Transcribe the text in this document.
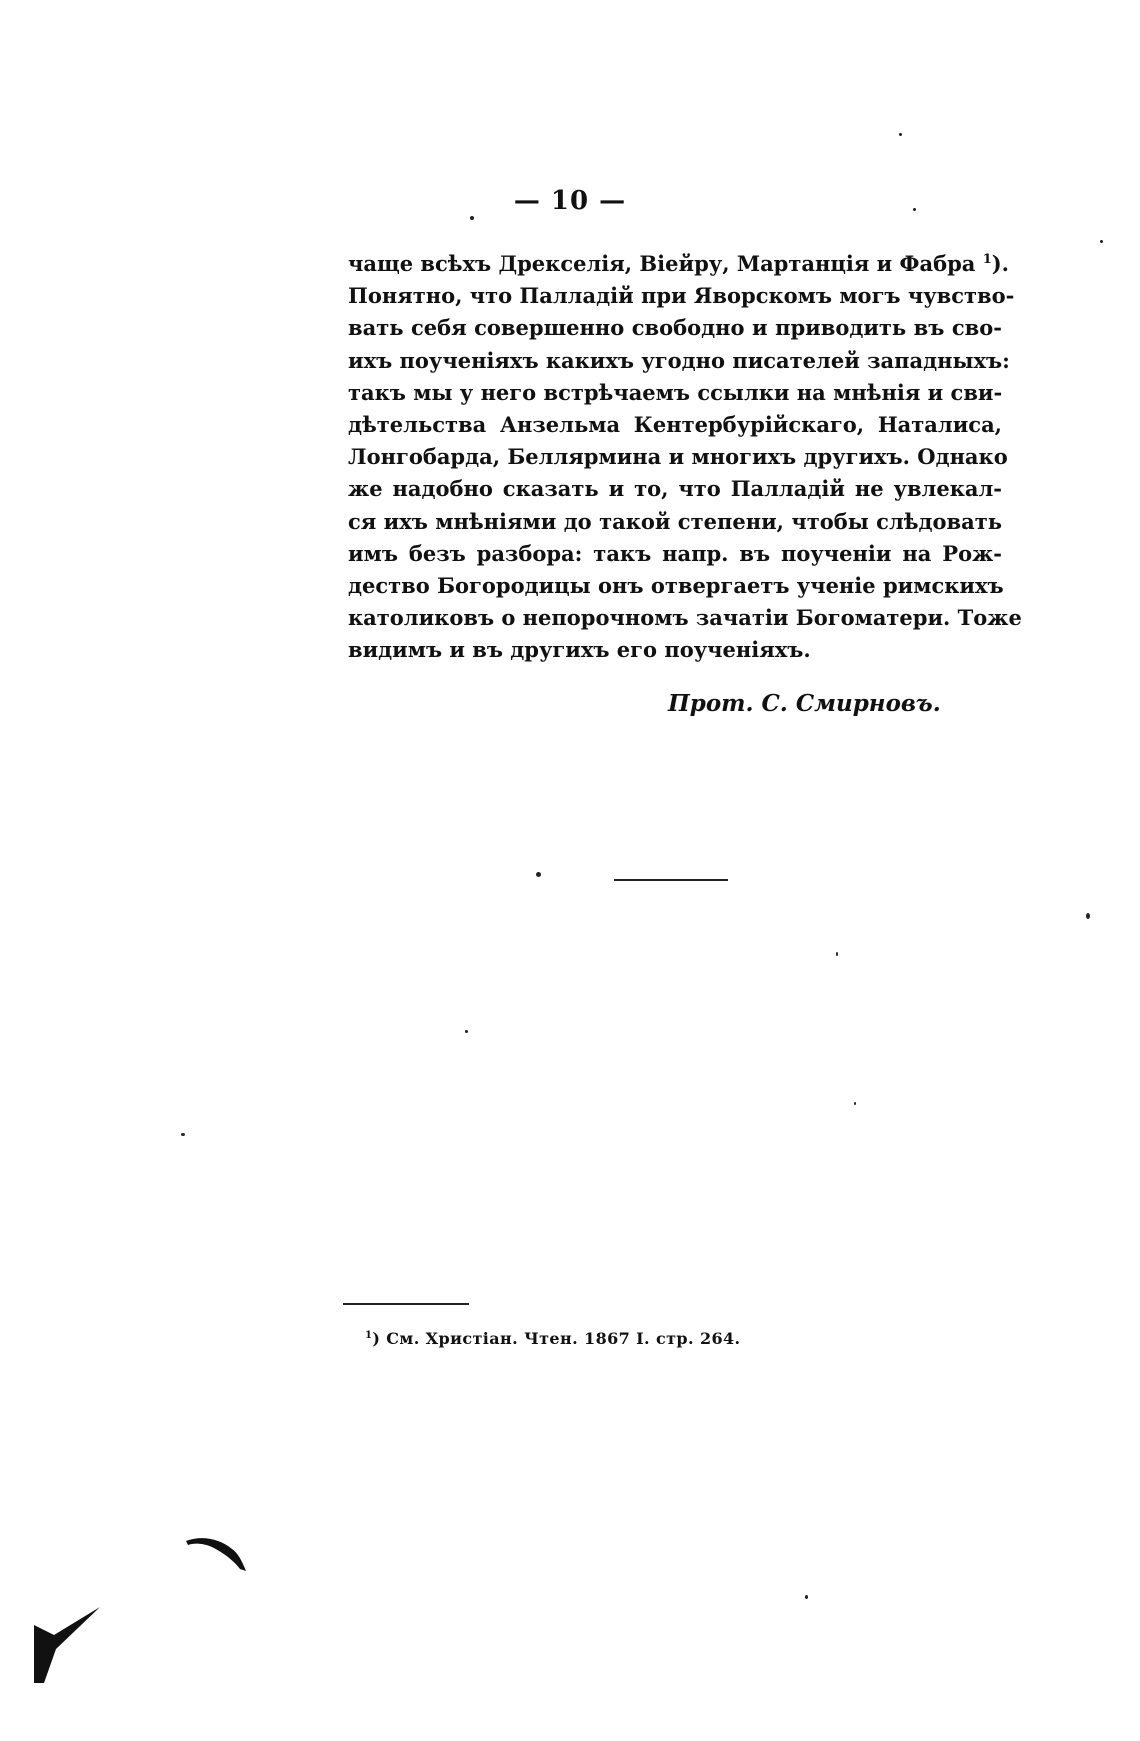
— 10 —
чаще всѣхъ Дрекселія, Віейру, Мартанція и Фабра $^1$).
Понятно, что Палладій при Яворскомъ могъ чувство-
вать себя совершенно свободно и приводить въ сво-
ихъ поученіяхъ какихъ угодно писателей западныхъ:
такъ мы у него встрѣчаемъ ссылки на мнѣнія и сви-
дѣтельства Анзельма Кентербурійскаго, Наталиса,
Лонгобарда, Беллярмина и многихъ другихъ. Однако
же надобно сказать и то, что Палладій не увлекал-
ся ихъ мнѣніями до такой степени, чтобы слѣдовать
имъ безъ разбора: такъ напр. въ поученіи на Рож-
дество Богородицы онъ отвергаетъ ученіе римскихъ
католиковъ о непорочномъ зачатіи Богоматери. Тоже
видимъ и въ другихъ его поученіяхъ.
Прот. С. Смирновъ.
$^1$) См. Христіан. Чтен. 1867 I. стр. 264.
